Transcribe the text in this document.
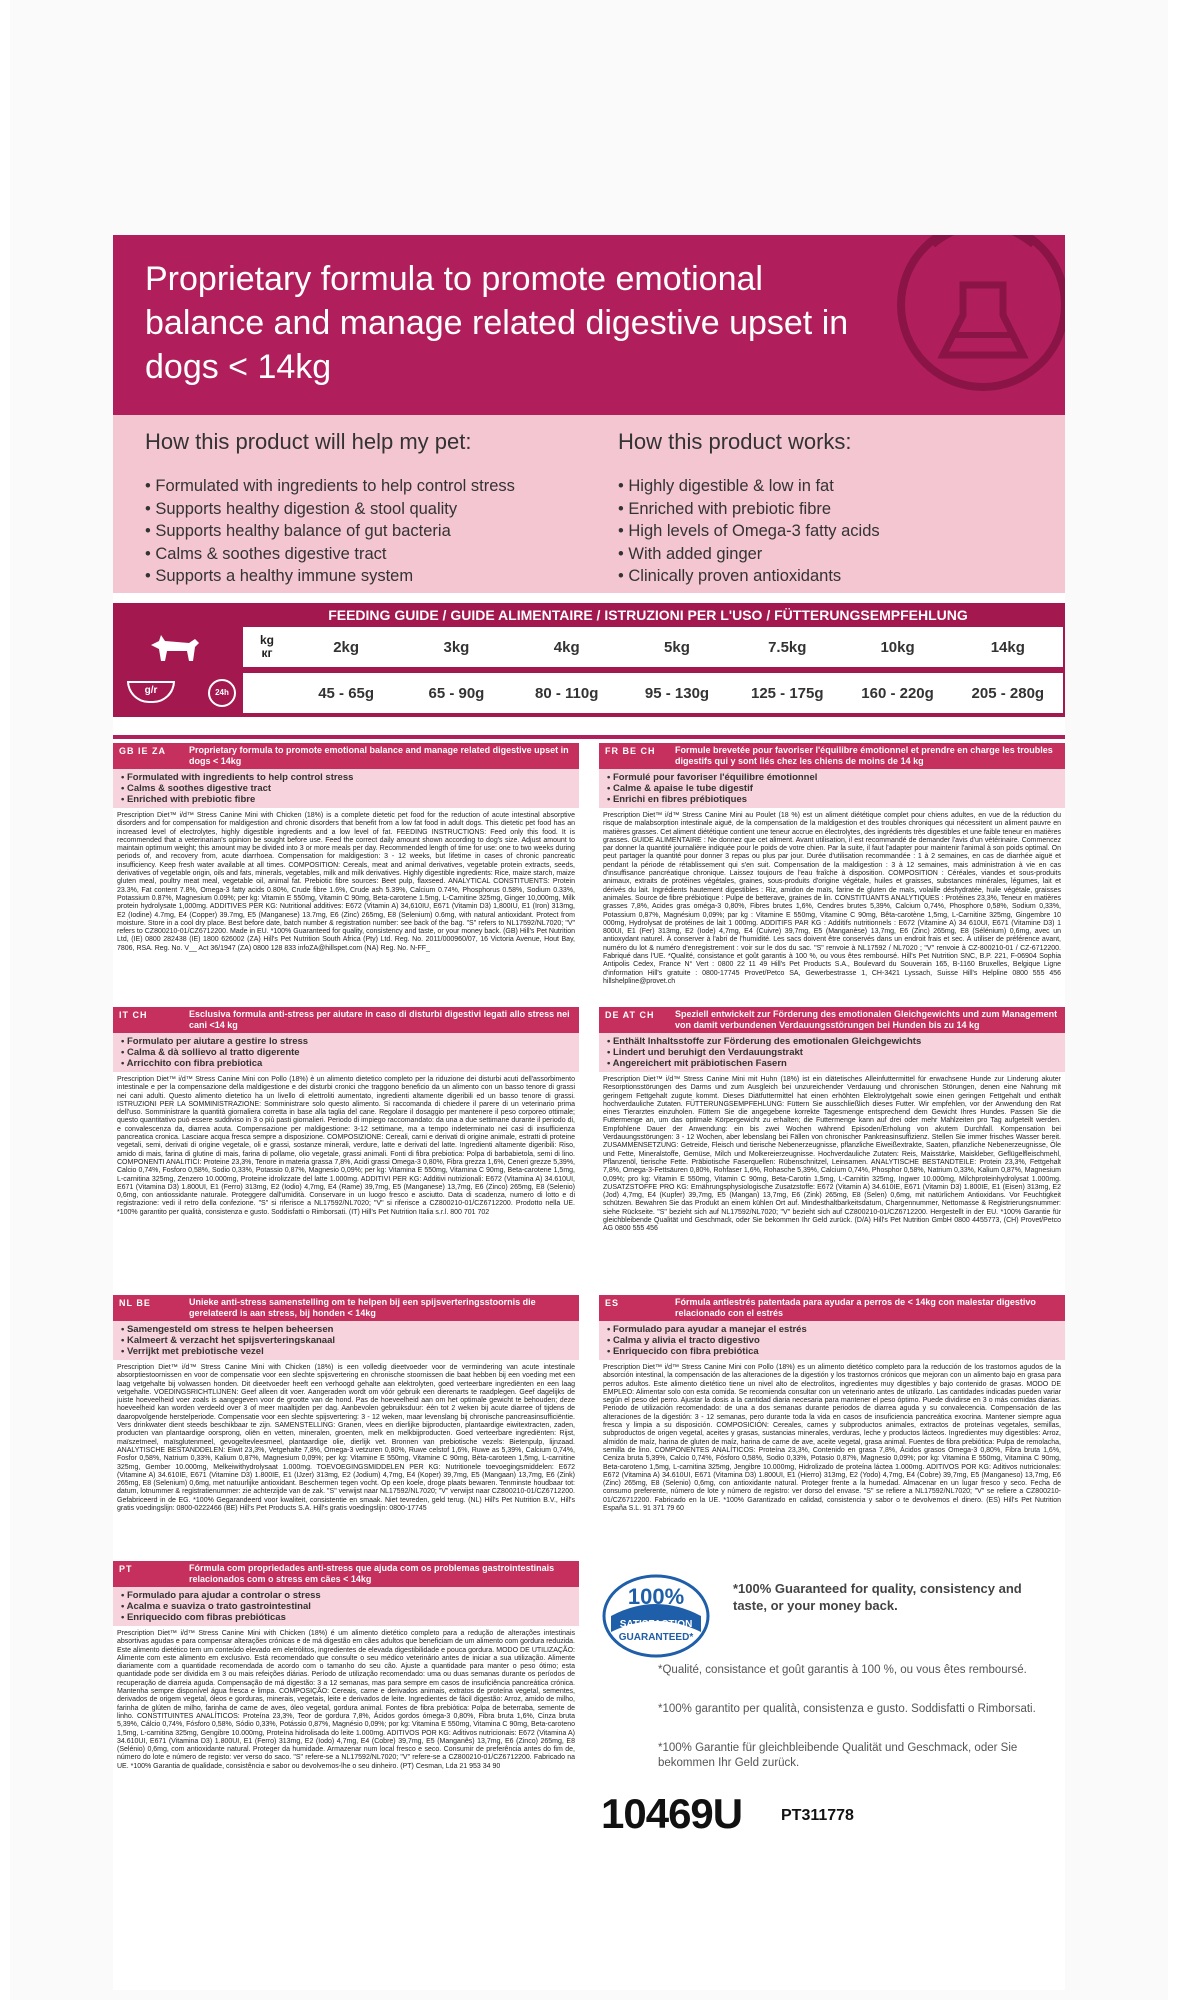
Proprietary formula to promote emotional balance and manage related digestive upset in dogs < 14kg
How this product will help my pet:
• Formulated with ingredients to help control stress
• Supports healthy digestion & stool quality
• Supports healthy balance of gut bacteria
• Calms & soothes digestive tract
• Supports a healthy immune system
How this product works:
• Highly digestible & low in fat
• Enriched with prebiotic fibre
• High levels of Omega-3 fatty acids
• With added ginger
• Clinically proven antioxidants
FEEDING GUIDE / GUIDE ALIMENTAIRE / ISTRUZIONI PER L'USO / FÜTTERUNGSEMPFEHLUNG
kg
кг	2kg	3kg	4kg	5kg	7.5kg	10kg	14kg
g/r	24h	45 - 65g	65 - 90g	80 - 110g	95 - 130g	125 - 175g	160 - 220g	205 - 280g
GB IE ZA	Proprietary formula to promote emotional balance and manage related digestive upset in dogs < 14kg
• Formulated with ingredients to help control stress
• Calms & soothes digestive tract
• Enriched with prebiotic fibre
Prescription Diet™ i/d™ Stress Canine Mini with Chicken (18%) is a complete dietetic pet food for the reduction of acute intestinal absorptive disorders and for compensation for maldigestion and chronic disorders that benefit from a low fat food in adult dogs. This dietetic pet food has an increased level of electrolytes, highly digestible ingredients and a low level of fat. FEEDING INSTRUCTIONS: Feed only this food. It is recommended that a veterinarian's opinion be sought before use. Feed the correct daily amount shown according to dog's size. Adjust amount to maintain optimum weight; this amount may be divided into 3 or more meals per day. Recommended length of time for use: one to two weeks during periods of, and recovery from, acute diarrhoea. Compensation for maldigestion: 3 - 12 weeks, but lifetime in cases of chronic pancreatic insufficiency. Keep fresh water available at all times. COMPOSITION: Cereals, meat and animal derivatives, vegetable protein extracts, seeds, derivatives of vegetable origin, oils and fats, minerals, vegetables, milk and milk derivatives. Highly digestible ingredients: Rice, maize starch, maize gluten meal, poultry meat meal, vegetable oil, animal fat. Prebiotic fibre sources: Beet pulp, flaxseed. ANALYTICAL CONSTITUENTS: Protein 23.3%, Fat content 7.8%, Omega-3 fatty acids 0.80%, Crude fibre 1.6%, Crude ash 5.39%, Calcium 0.74%, Phosphorus 0.58%, Sodium 0.33%, Potassium 0.87%, Magnesium 0.09%; per kg: Vitamin E 550mg, Vitamin C 90mg, Beta-carotene 1.5mg, L-Carnitine 325mg, Ginger 10,000mg, Milk protein hydrolysate 1,000mg. ADDITIVES PER KG: Nutritional additives: E672 (Vitamin A) 34,610IU, E671 (Vitamin D3) 1,800IU, E1 (Iron) 313mg, E2 (Iodine) 4.7mg, E4 (Copper) 39.7mg, E5 (Manganese) 13.7mg, E6 (Zinc) 265mg, E8 (Selenium) 0.6mg, with natural antioxidant. Protect from moisture. Store in a cool dry place. Best before date, batch number & registration number: see back of the bag. "S" refers to NL17592/NL7020; "V" refers to CZ800210-01/CZ6712200. Made in EU. *100% Guaranteed for quality, consistency and taste, or your money back. (GB) Hill's Pet Nutrition Ltd, (IE) 0800 282438 (IE) 1800 626002 (ZA) Hill's Pet Nutrition South Africa (Pty) Ltd. Reg. No. 2011/000960/07, 16 Victoria Avenue, Hout Bay, 7806, RSA. Reg. No. V__ Act 36/1947 (ZA) 0800 128 833 infoZA@hillspet.com (NA) Reg. No. N-FF_
FR BE CH	Formule brevetée pour favoriser l'équilibre émotionnel et prendre en charge les troubles digestifs qui y sont liés chez les chiens de moins de 14 kg
• Formulé pour favoriser l'équilibre émotionnel
• Calme & apaise le tube digestif
• Enrichi en fibres prébiotiques
Prescription Diet™ i/d™ Stress Canine Mini au Poulet (18 %) est un aliment diététique complet pour chiens adultes, en vue de la réduction du risque de malabsorption intestinale aiguë, de la compensation de la maldigestion et des troubles chroniques qui nécessitent un aliment pauvre en matières grasses. Cet aliment diététique contient une teneur accrue en électrolytes, des ingrédients très digestibles et une faible teneur en matières grasses. GUIDE ALIMENTAIRE : Ne donnez que cet aliment. Avant utilisation, il est recommandé de demander l'avis d'un vétérinaire. Commencez par donner la quantité journalière indiquée pour le poids de votre chien. Par la suite, il faut l'adapter pour maintenir l'animal à son poids optimal. On peut partager la quantité pour donner 3 repas ou plus par jour. Durée d'utilisation recommandée : 1 à 2 semaines, en cas de diarrhée aiguë et pendant la période de rétablissement qui s'en suit. Compensation de la maldigestion : 3 à 12 semaines, mais administration à vie en cas d'insuffisance pancréatique chronique. Laissez toujours de l'eau fraîche à disposition. COMPOSITION : Céréales, viandes et sous-produits animaux, extraits de protéines végétales, graines, sous-produits d'origine végétale, huiles et graisses, substances minérales, légumes, lait et dérivés du lait. Ingrédients hautement digestibles : Riz, amidon de maïs, farine de gluten de maïs, volaille déshydratée, huile végétale, graisses animales. Source de fibre prébiotique : Pulpe de betterave, graines de lin. CONSTITUANTS ANALYTIQUES : Protéines 23,3%, Teneur en matières grasses 7,8%, Acides gras oméga-3 0,80%, Fibres brutes 1,6%, Cendres brutes 5,39%, Calcium 0,74%, Phosphore 0,58%, Sodium 0,33%, Potassium 0,87%, Magnésium 0,09%; par kg : Vitamine E 550mg, Vitamine C 90mg, Bêta-carotène 1,5mg, L-Carnitine 325mg, Gingembre 10 000mg, Hydrolysat de protéines de lait 1 000mg. ADDITIFS PAR KG : Additifs nutritionnels : E672 (Vitamine A) 34 610UI, E671 (Vitamine D3) 1 800UI, E1 (Fer) 313mg, E2 (Iode) 4,7mg, E4 (Cuivre) 39,7mg, E5 (Manganèse) 13,7mg, E6 (Zinc) 265mg, E8 (Sélénium) 0,6mg, avec un antioxydant naturel. À conserver à l'abri de l'humidité. Les sacs doivent être conservés dans un endroit frais et sec. À utiliser de préférence avant, numéro du lot & numéro d'enregistrement : voir sur le dos du sac. "S" renvoie à NL17592 / NL7020 ; "V" renvoie à CZ-800210-01 / CZ-6712200. Fabriqué dans l'UE. *Qualité, consistance et goût garantis à 100 %, ou vous êtes remboursé. Hill's Pet Nutrition SNC, B.P. 221, F-06904 Sophia Antipolis Cedex, France N° Vert : 0800 22 11 49 Hill's Pet Products S.A., Boulevard du Souverain 165, B-1160 Bruxelles, Belgique Ligne d'information Hill's gratuite : 0800-17745 Provet/Petco SA, Gewerbestrasse 1, CH-3421 Lyssach, Suisse Hill's Helpline 0800 555 456 hillshelpline@provet.ch
IT CH	Esclusiva formula anti-stress per aiutare in caso di disturbi digestivi legati allo stress nei cani <14 kg
• Formulato per aiutare a gestire lo stress
• Calma & dà sollievo al tratto digerente
• Arricchito con fibra prebiotica
Prescription Diet™ i/d™ Stress Canine Mini con Pollo (18%) è un alimento dietetico completo per la riduzione dei disturbi acuti dell'assorbimento intestinale e per la compensazione della maldigestione e dei disturbi cronici che traggono beneficio da un alimento con un basso tenore di grassi nei cani adulti. Questo alimento dietetico ha un livello di elettroliti aumentato, ingredienti altamente digeribili ed un basso tenore di grassi. ISTRUZIONI PER LA SOMMINISTRAZIONE: Somministrare solo questo alimento. Si raccomanda di chiedere il parere di un veterinario prima dell'uso. Somministrare la quantità giornaliera corretta in base alla taglia del cane. Regolare il dosaggio per mantenere il peso corporeo ottimale; questo quantitativo può essere suddiviso in 3 o più pasti giornalieri. Periodo di impiego raccomandato: da una a due settimane durante il periodo di, e convalescenza da, diarrea acuta. Compensazione per maldigestione: 3-12 settimane, ma a tempo indeterminato nei casi di insufficienza pancreatica cronica. Lasciare acqua fresca sempre a disposizione. COMPOSIZIONE: Cereali, carni e derivati di origine animale, estratti di proteine vegetali, semi, derivati di origine vegetale, oli e grassi, sostanze minerali, verdure, latte e derivati del latte. Ingredienti altamente digeribili: Riso, amido di mais, farina di glutine di mais, farina di pollame, olio vegetale, grassi animali. Fonti di fibra prebiotica: Polpa di barbabietola, semi di lino. COMPONENTI ANALITICI: Proteine 23,3%, Tenore in materia grassa 7,8%, Acidi grassi Omega-3 0,80%, Fibra grezza 1,6%, Ceneri grezze 5,39%, Calcio 0,74%, Fosforo 0,58%, Sodio 0,33%, Potassio 0,87%, Magnesio 0,09%; per kg: Vitamina E 550mg, Vitamina C 90mg, Beta-carotene 1,5mg, L-carnitina 325mg, Zenzero 10.000mg, Proteine idrolizzate del latte 1.000mg. ADDITIVI PER KG: Additivi nutrizionali: E672 (Vitamina A) 34.610UI, E671 (Vitamina D3) 1.800UI, E1 (Ferro) 313mg, E2 (Iodio) 4,7mg, E4 (Rame) 39,7mg, E5 (Manganese) 13,7mg, E6 (Zinco) 265mg, E8 (Selenio) 0,6mg, con antiossidante naturale. Proteggere dall'umidità. Conservare in un luogo fresco e asciutto. Data di scadenza, numero di lotto e di registrazione: vedi il retro della confezione. "S" si riferisce a NL17592/NL7020; "V" si riferisce a CZ800210-01/CZ6712200. Prodotto nella UE. *100% garantito per qualità, consistenza e gusto. Soddisfatti o Rimborsati. (IT) Hill's Pet Nutrition Italia s.r.l. 800 701 702
DE AT CH	Speziell entwickelt zur Förderung des emotionalen Gleichgewichts und zum Management von damit verbundenen Verdauungsstörungen bei Hunden bis zu 14 kg
• Enthält Inhaltsstoffe zur Förderung des emotionalen Gleichgewichts
• Lindert und beruhigt den Verdauungstrakt
• Angereichert mit präbiotischen Fasern
Prescription Diet™ i/d™ Stress Canine Mini mit Huhn (18%) ist ein diätetisches Alleinfuttermittel für erwachsene Hunde zur Linderung akuter Resorptionsstörungen des Darms und zum Ausgleich bei unzureichender Verdauung und chronischen Störungen, denen eine Nahrung mit geringem Fettgehalt zugute kommt. Dieses Diätfuttermittel hat einen erhöhten Elektrolytgehalt sowie einen geringen Fettgehalt und enthält hochverdauliche Zutaten. FÜTTERUNGSEMPFEHLUNG: Füttern Sie ausschließlich dieses Futter. Wir empfehlen, vor der Anwendung den Rat eines Tierarztes einzuholen. Füttern Sie die angegebene korrekte Tagesmenge entsprechend dem Gewicht Ihres Hundes. Passen Sie die Futtermenge an, um das optimale Körpergewicht zu erhalten; die Futtermenge kann auf drei oder mehr Mahlzeiten pro Tag aufgeteilt werden. Empfohlene Dauer der Anwendung: ein bis zwei Wochen während Episoden/Erholung von akutem Durchfall. Kompensation bei Verdauungsstörungen: 3 - 12 Wochen, aber lebenslang bei Fällen von chronischer Pankreasinsuffizienz. Stellen Sie immer frisches Wasser bereit. ZUSAMMENSETZUNG: Getreide, Fleisch und tierische Nebenerzeugnisse, pflanzliche Eiweißextrakte, Saaten, pflanzliche Nebenerzeugnisse, Öle und Fette, Mineralstoffe, Gemüse, Milch und Molkereierzeugnisse. Hochverdauliche Zutaten: Reis, Maisstärke, Maiskleber, Geflügelfleischmehl, Pflanzenöl, tierische Fette. Präbiotische Faserquellen: Rübenschnitzel, Leinsamen. ANALYTISCHE BESTANDTEILE: Protein 23,3%, Fettgehalt 7,8%, Omega-3-Fettsäuren 0,80%, Rohfaser 1,6%, Rohasche 5,39%, Calcium 0,74%, Phosphor 0,58%, Natrium 0,33%, Kalium 0,87%, Magnesium 0,09%; pro kg: Vitamin E 550mg, Vitamin C 90mg, Beta-Carotin 1,5mg, L-Carnitin 325mg, Ingwer 10.000mg, Milchproteinhydrolysat 1.000mg. ZUSATZSTOFFE PRO KG: Ernährungsphysiologische Zusatzstoffe: E672 (Vitamin A) 34.610IE, E671 (Vitamin D3) 1.800IE, E1 (Eisen) 313mg, E2 (Jod) 4,7mg, E4 (Kupfer) 39,7mg, E5 (Mangan) 13,7mg, E6 (Zink) 265mg, E8 (Selen) 0,6mg, mit natürlichem Antioxidans. Vor Feuchtigkeit schützen. Bewahren Sie das Produkt an einem kühlen Ort auf. Mindesthaltbarkeitsdatum, Chargennummer, Nettomasse & Registrierungsnummer: siehe Rückseite. "S" bezieht sich auf NL17592/NL7020; "V" bezieht sich auf CZ800210-01/CZ6712200. Hergestellt in der EU. *100% Garantie für gleichbleibende Qualität und Geschmack, oder Sie bekommen Ihr Geld zurück. (D/A) Hill's Pet Nutrition GmbH 0800 4455773, (CH) Provet/Petco AG 0800 555 456
NL BE	Unieke anti-stress samenstelling om te helpen bij een spijsverteringsstoornis die gerelateerd is aan stress, bij honden < 14kg
• Samengesteld om stress te helpen beheersen
• Kalmeert & verzacht het spijsverteringskanaal
• Verrijkt met prebiotische vezel
Prescription Diet™ i/d™ Stress Canine Mini with Chicken (18%) is een volledig dieetvoeder voor de vermindering van acute intestinale absorptiestoornissen en voor de compensatie voor een slechte spijsvertering en chronische stoornissen die baat hebben bij een voeding met een laag vetgehalte bij volwassen honden. Dit dieetvoeder heeft een verhoogd gehalte aan elektrolyten, goed verteerbare ingrediënten en een laag vetgehalte. VOEDINGSRICHTLIJNEN: Geef alleen dit voer. Aangeraden wordt om vóór gebruik een dierenarts te raadplegen. Geef dagelijks de juiste hoeveelheid voer zoals is aangegeven voor de grootte van de hond. Pas de hoeveelheid aan om het optimale gewicht te behouden; deze hoeveelheid kan worden verdeeld over 3 of meer maaltijden per dag. Aanbevolen gebruiksduur: één tot 2 weken bij acute diarree of tijdens de daaropvolgende herstelperiode. Compensatie voor een slechte spijsvertering: 3 - 12 weken, maar levenslang bij chronische pancreasinsufficiëntie. Vers drinkwater dient steeds beschikbaar te zijn. SAMENSTELLING: Granen, vlees en dierlijke bijproducten, plantaardige eiwitextracten, zaden, producten van plantaardige oorsprong, oliën en vetten, mineralen, groenten, melk en melkbijproducten. Goed verteerbare ingrediënten: Rijst, maïszetmeel, maïsglutenmeel, gevogeltevleesmeel, plantaardige olie, dierlijk vet. Bronnen van prebiotische vezels: Bietenpulp, lijnzaad. ANALYTISCHE BESTANDDELEN: Eiwit 23,3%, Vetgehalte 7,8%, Omega-3 vetzuren 0,80%, Ruwe celstof 1,6%, Ruwe as 5,39%, Calcium 0,74%, Fosfor 0,58%, Natrium 0,33%, Kalium 0,87%, Magnesium 0,09%; per kg: Vitamine E 550mg, Vitamine C 90mg, Bèta-caroteen 1,5mg, L-carnitine 325mg, Gember 10.000mg, Melkeiwithydrolysaat 1.000mg. TOEVOEGINGSMIDDELEN PER KG: Nutritionele toevoegingsmiddelen: E672 (Vitamine A) 34.610IE, E671 (Vitamine D3) 1.800IE, E1 (IJzer) 313mg, E2 (Jodium) 4,7mg, E4 (Koper) 39,7mg, E5 (Mangaan) 13,7mg, E6 (Zink) 265mg, E8 (Selenium) 0,6mg, met natuurlijke antioxidant. Beschermen tegen vocht. Op een koele, droge plaats bewaren. Tenminste houdbaar tot: datum, lotnummer & registratienummer: zie achterzijde van de zak. "S" verwijst naar NL17592/NL7020; "V" verwijst naar CZ800210-01/CZ6712200. Gefabriceerd in de EG. *100% Gegarandeerd voor kwaliteit, consistentie en smaak. Niet tevreden, geld terug. (NL) Hill's Pet Nutrition B.V., Hill's gratis voedingslijn: 0800-0222466 (BE) Hill's Pet Products S.A. Hill's gratis voedingslijn: 0800-17745
ES	Fórmula antiestrés patentada para ayudar a perros de < 14kg con malestar digestivo relacionado con el estrés
• Formulado para ayudar a manejar el estrés
• Calma y alivia el tracto digestivo
• Enriquecido con fibra prebiótica
Prescription Diet™ i/d™ Stress Canine Mini con Pollo (18%) es un alimento dietético completo para la reducción de los trastornos agudos de la absorción intestinal, la compensación de las alteraciones de la digestión y los trastornos crónicos que mejoran con un alimento bajo en grasa para perros adultos. Este alimento dietético tiene un nivel alto de electrolitos, ingredientes muy digestibles y bajo contenido de grasas. MODO DE EMPLEO: Alimentar solo con esta comida. Se recomienda consultar con un veterinario antes de utilizarlo. Las cantidades indicadas pueden variar según el peso del perro. Ajustar la dosis a la cantidad diaria necesaria para mantener el peso óptimo. Puede dividirse en 3 o más comidas diarias. Periodo de utilización recomendado: de una a dos semanas durante periodos de diarrea aguda y su convalecencia. Compensación de las alteraciones de la digestión: 3 - 12 semanas, pero durante toda la vida en casos de insuficiencia pancreática exocrina. Mantener siempre agua fresca y limpia a su disposición. COMPOSICIÓN: Cereales, carnes y subproductos animales, extractos de proteínas vegetales, semillas, subproductos de origen vegetal, aceites y grasas, sustancias minerales, verduras, leche y productos lácteos. Ingredientes muy digestibles: Arroz, almidón de maíz, harina de gluten de maíz, harina de carne de ave, aceite vegetal, grasa animal. Fuentes de fibra prebiótica: Pulpa de remolacha, semilla de lino. COMPONENTES ANALÍTICOS: Proteína 23,3%, Contenido en grasa 7,8%, Ácidos grasos Omega-3 0,80%, Fibra bruta 1,6%, Ceniza bruta 5,39%, Calcio 0,74%, Fósforo 0,58%, Sodio 0,33%, Potasio 0,87%, Magnesio 0,09%; por kg: Vitamina E 550mg, Vitamina C 90mg, Beta-caroteno 1,5mg, L-carnitina 325mg, Jengibre 10.000mg, Hidrolizado de proteína láctea 1.000mg. ADITIVOS POR KG: Aditivos nutricionales: E672 (Vitamina A) 34.610UI, E671 (Vitamina D3) 1.800UI, E1 (Hierro) 313mg, E2 (Yodo) 4,7mg, E4 (Cobre) 39,7mg, E5 (Manganeso) 13,7mg, E6 (Zinc) 265mg, E8 (Selenio) 0,6mg, con antioxidante natural. Proteger frente a la humedad. Almacenar en un lugar fresco y seco. Fecha de consumo preferente, número de lote y número de registro: ver dorso del envase. "S" se refiere a NL17592/NL7020; "V" se refiere a CZ800210-01/CZ6712200. Fabricado en la UE. *100% Garantizado en calidad, consistencia y sabor o te devolvemos el dinero. (ES) Hill's Pet Nutrition España S.L. 91 371 79 60
PT	Fórmula com propriedades anti-stress que ajuda com os problemas gastrointestinais relacionados com o stress em cães < 14kg
• Formulado para ajudar a controlar o stress
• Acalma e suaviza o trato gastrointestinal
• Enriquecido com fibras prebióticas
Prescription Diet™ i/d™ Stress Canine Mini with Chicken (18%) é um alimento dietético completo para a redução de alterações intestinais absortivas agudas e para compensar alterações crónicas e de má digestão em cães adultos que beneficiam de um alimento com gordura reduzida. Este alimento dietético tem um conteúdo elevado em eletrólitos, ingredientes de elevada digestibilidade e pouca gordura. MODO DE UTILIZAÇÃO: Alimente com este alimento em exclusivo. Está recomendado que consulte o seu médico veterinário antes de iniciar a sua utilização. Alimente diariamente com a quantidade recomendada de acordo com o tamanho do seu cão. Ajuste a quantidade para manter o peso ótimo; esta quantidade pode ser dividida em 3 ou mais refeições diárias. Período de utilização recomendado: uma ou duas semanas durante os períodos de recuperação de diarreia aguda. Compensação de má digestão: 3 a 12 semanas, mas para sempre em casos de insuficiência pancreática crónica. Mantenha sempre disponível água fresca e limpa. COMPOSIÇÃO: Cereais, carne e derivados animais, extratos de proteína vegetal, sementes, derivados de origem vegetal, óleos e gorduras, minerais, vegetais, leite e derivados de leite. Ingredientes de fácil digestão: Arroz, amido de milho, farinha de glúten de milho, farinha de carne de aves, óleo vegetal, gordura animal. Fontes de fibra prebiótica: Polpa de beterraba, semente de linho. CONSTITUINTES ANALÍTICOS: Proteína 23,3%, Teor de gordura 7,8%, Ácidos gordos ómega-3 0,80%, Fibra bruta 1,6%, Cinza bruta 5,39%, Cálcio 0,74%, Fósforo 0,58%, Sódio 0,33%, Potássio 0,87%, Magnésio 0,09%; por kg: Vitamina E 550mg, Vitamina C 90mg, Beta-caroteno 1,5mg, L-carnitina 325mg, Gengibre 10.000mg, Proteína hidrolisada do leite 1.000mg. ADITIVOS POR KG: Aditivos nutricionais: E672 (Vitamina A) 34.610UI, E671 (Vitamina D3) 1.800UI, E1 (Ferro) 313mg, E2 (Iodo) 4,7mg, E4 (Cobre) 39,7mg, E5 (Manganês) 13,7mg, E6 (Zinco) 265mg, E8 (Selénio) 0,6mg, com antioxidante natural. Proteger da humidade. Armazenar num local fresco e seco. Consumir de preferência antes do fim de, número do lote e número de registo: ver verso do saco. "S" refere-se a NL17592/NL7020; "V" refere-se a CZ800210-01/CZ6712200. Fabricado na UE. *100% Garantia de qualidade, consistência e sabor ou devolvemos-lhe o seu dinheiro. (PT) Cesman, Lda 21 953 34 90
100%
SATISFACTION
GUARANTEED*
*100% Guaranteed for quality, consistency and taste, or your money back.
*Qualité, consistance et goût garantis à 100 %, ou vous êtes remboursé.
*100% garantito per qualità, consistenza e gusto. Soddisfatti o Rimborsati.
*100% Garantie für gleichbleibende Qualität und Geschmack, oder Sie bekommen Ihr Geld zurück.
10469U PT311778
